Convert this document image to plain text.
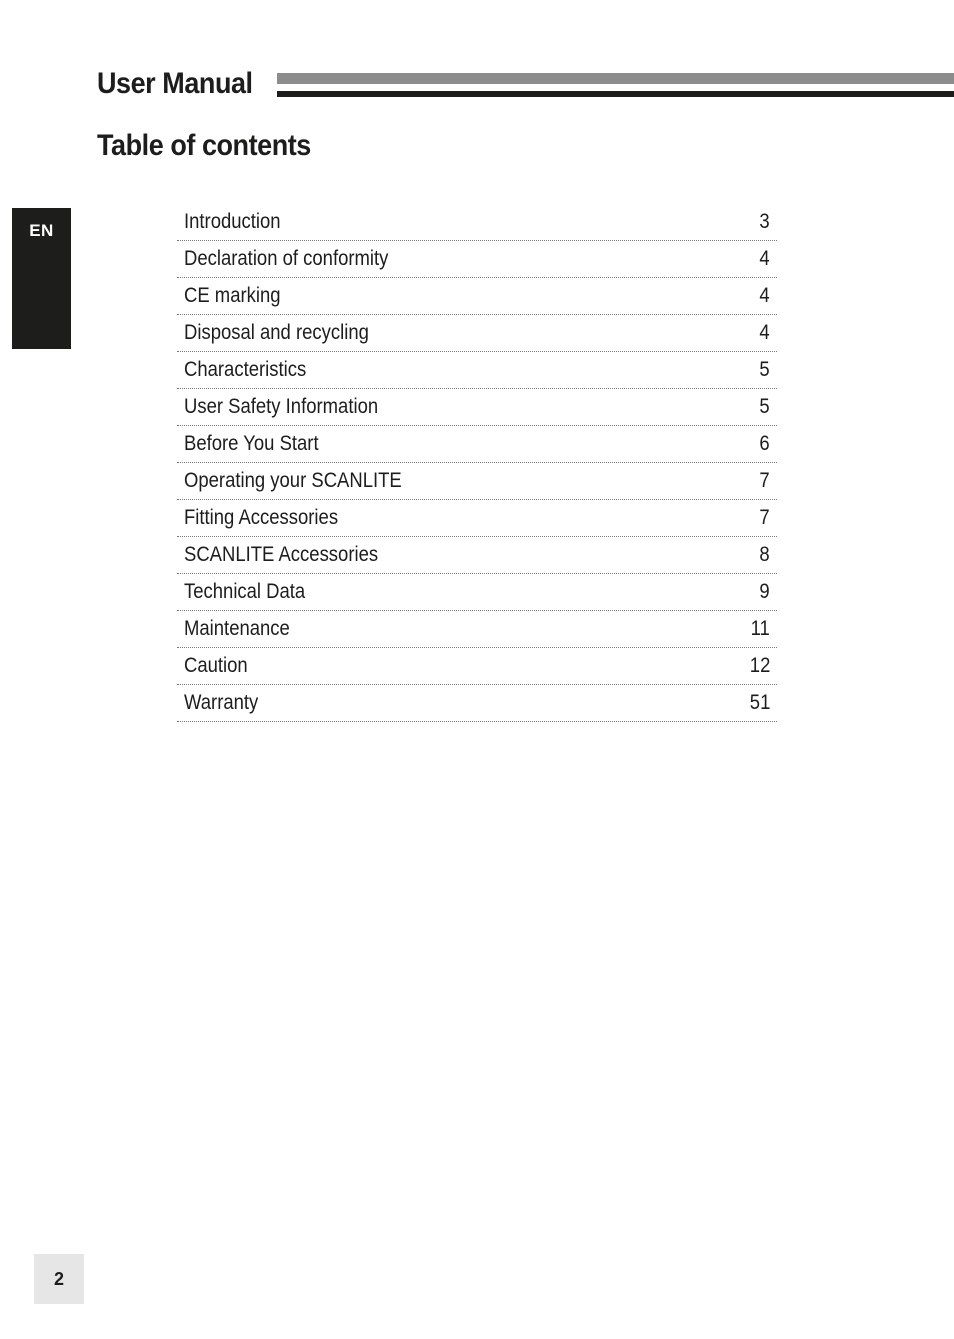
User Manual
Table of contents
EN	Introduction	3
Declaration of conformity	4
CE marking	4
Disposal and recycling	4
Characteristics	5
User Safety Information	5
Before You Start	6
Operating your SCANLITE	7
Fitting Accessories	7
SCANLITE Accessories	8
Technical Data	9
Maintenance	11
Caution	12
Warranty	51
2
